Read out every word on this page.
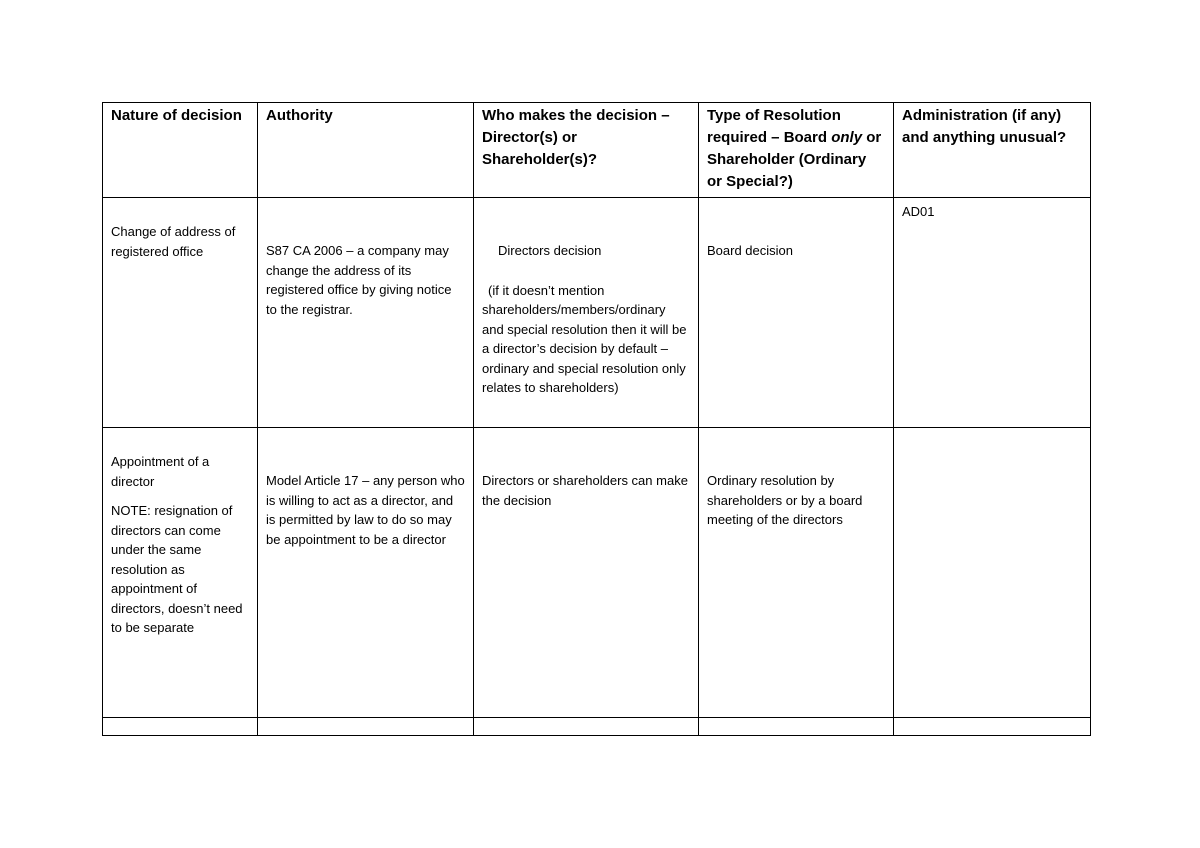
Nature of decision	Authority	Who makes the decision – Director(s) or Shareholder(s)?	Type of Resolution required – Board only or Shareholder (Ordinary or Special?)	Administration (if any) and anything unusual?

Change of address of registered office	S87 CA 2006 – a company may change the address of its registered office by giving notice to the registrar.	Directors decision
(if it doesn’t mention shareholders/members/ordinary and special resolution then it will be a director’s decision by default – ordinary and special resolution only relates to shareholders)	Board decision	AD01

Appointment of a director
NOTE: resignation of directors can come under the same resolution as appointment of directors, doesn’t need to be separate	Model Article 17 – any person who is willing to act as a director, and is permitted by law to do so may be appointment to be a director	Directors or shareholders can make the decision	Ordinary resolution by shareholders or by a board meeting of the directors	
